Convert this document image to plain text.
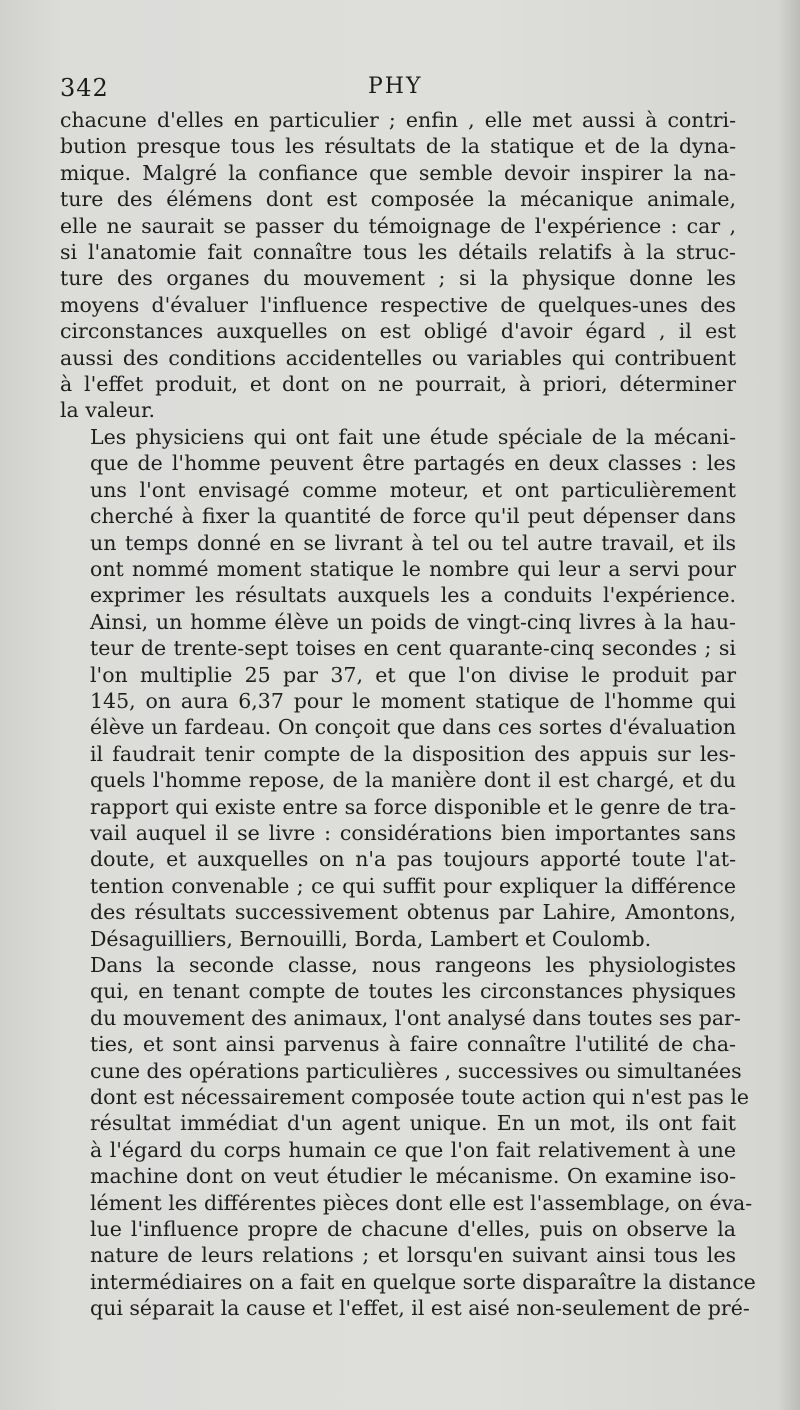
342	PHY

chacune d'elles en particulier ; enfin , elle met aussi à contri-
bution presque tous les résultats de la statique et de la dyna-
mique. Malgré la confiance que semble devoir inspirer la na-
ture des élémens dont est composée la mécanique animale,
elle ne saurait se passer du témoignage de l'expérience : car ,
si l'anatomie fait connaître tous les détails relatifs à la struc-
ture des organes du mouvement ; si la physique donne les
moyens d'évaluer l'influence respective de quelques-unes des
circonstances auxquelles on est obligé d'avoir égard , il est
aussi des conditions accidentelles ou variables qui contribuent
à l'effet produit, et dont on ne pourrait, à priori, déterminer
la valeur.

Les physiciens qui ont fait une étude spéciale de la mécani-
que de l'homme peuvent être partagés en deux classes : les
uns l'ont envisagé comme moteur, et ont particulièrement
cherché à fixer la quantité de force qu'il peut dépenser dans
un temps donné en se livrant à tel ou tel autre travail, et ils
ont nommé moment statique le nombre qui leur a servi pour
exprimer les résultats auxquels les a conduits l'expérience.
Ainsi, un homme élève un poids de vingt-cinq livres à la hau-
teur de trente-sept toises en cent quarante-cinq secondes ; si
l'on multiplie 25 par 37, et que l'on divise le produit par
145, on aura 6,37 pour le moment statique de l'homme qui
élève un fardeau. On conçoit que dans ces sortes d'évaluation
il faudrait tenir compte de la disposition des appuis sur les-
quels l'homme repose, de la manière dont il est chargé, et du
rapport qui existe entre sa force disponible et le genre de tra-
vail auquel il se livre : considérations bien importantes sans
doute, et auxquelles on n'a pas toujours apporté toute l'at-
tention convenable ; ce qui suffit pour expliquer la différence
des résultats successivement obtenus par Lahire, Amontons,
Désaguilliers, Bernouilli, Borda, Lambert et Coulomb.

Dans la seconde classe, nous rangeons les physiologistes
qui, en tenant compte de toutes les circonstances physiques
du mouvement des animaux, l'ont analysé dans toutes ses par-
ties, et sont ainsi parvenus à faire connaître l'utilité de cha-
cune des opérations particulières , successives ou simultanées
dont est nécessairement composée toute action qui n'est pas le
résultat immédiat d'un agent unique. En un mot, ils ont fait
à l'égard du corps humain ce que l'on fait relativement à une
machine dont on veut étudier le mécanisme. On examine iso-
lément les différentes pièces dont elle est l'assemblage, on éva-
lue l'influence propre de chacune d'elles, puis on observe la
nature de leurs relations ; et lorsqu'en suivant ainsi tous les
intermédiaires on a fait en quelque sorte disparaître la distance
qui séparait la cause et l'effet, il est aisé non-seulement de pré-
